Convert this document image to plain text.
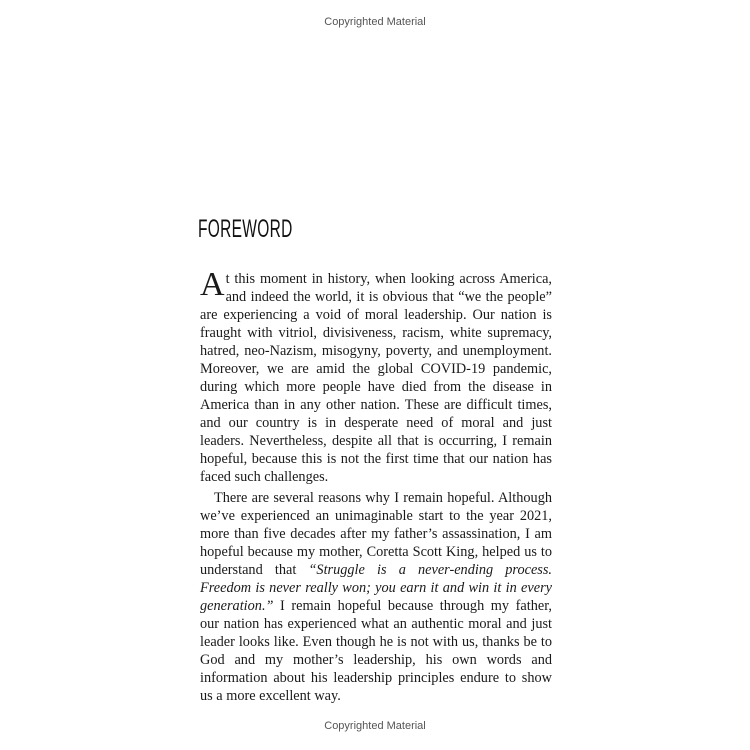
Copyrighted Material
FOREWORD

At this moment in history, when looking across America, and indeed the world, it is obvious that “we the people” are experiencing a void of moral leadership. Our nation is fraught with vitriol, divisiveness, racism, white supremacy, hatred, neo-Nazism, misogyny, poverty, and unemployment. Moreover, we are amid the global COVID-19 pandemic, during which more people have died from the disease in America than in any other nation. These are difficult times, and our country is in desperate need of moral and just leaders. Nevertheless, despite all that is occurring, I remain hopeful, because this is not the first time that our nation has faced such challenges.

There are several reasons why I remain hopeful. Although we’ve experienced an unimaginable start to the year 2021, more than five decades after my father’s assassination, I am hopeful because my mother, Coretta Scott King, helped us to understand that “Struggle is a never-ending process. Freedom is never really won; you earn it and win it in every generation.” I remain hopeful because through my father, our nation has experienced what an authentic moral and just leader looks like. Even though he is not with us, thanks be to God and my mother’s leadership, his own words and information about his leadership principles endure to show us a more excellent way.

Copyrighted Material
